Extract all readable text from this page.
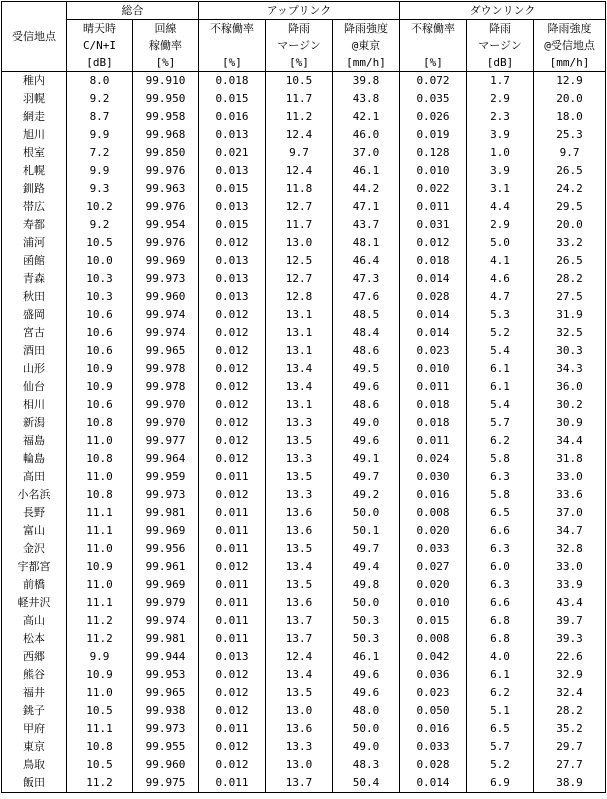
受信地点	総合		アップリンク			ダウンリンク		
	晴天時	回線	不稼働率	降雨	降雨強度	不稼働率	降雨	降雨強度
	C/N+I	稼働率		マージン	@東京		マージン	@受信地点
	[dB]	[%]	[%]	[%]	[mm/h]	[%]	[dB]	[mm/h]
稚内	8.0	99.910	0.018	10.5	39.8	0.072	1.7	12.9
羽幌	9.2	99.950	0.015	11.7	43.8	0.035	2.9	20.0
網走	8.7	99.958	0.016	11.2	42.1	0.026	2.3	18.0
旭川	9.9	99.968	0.013	12.4	46.0	0.019	3.9	25.3
根室	7.2	99.850	0.021	9.7	37.0	0.128	1.0	9.7
札幌	9.9	99.976	0.013	12.4	46.1	0.010	3.9	26.5
釧路	9.3	99.963	0.015	11.8	44.2	0.022	3.1	24.2
帯広	10.2	99.976	0.013	12.7	47.1	0.011	4.4	29.5
寿都	9.2	99.954	0.015	11.7	43.7	0.031	2.9	20.0
浦河	10.5	99.976	0.012	13.0	48.1	0.012	5.0	33.2
函館	10.0	99.969	0.013	12.5	46.4	0.018	4.1	26.5
青森	10.3	99.973	0.013	12.7	47.3	0.014	4.6	28.2
秋田	10.3	99.960	0.013	12.8	47.6	0.028	4.7	27.5
盛岡	10.6	99.974	0.012	13.1	48.5	0.014	5.3	31.9
宮古	10.6	99.974	0.012	13.1	48.4	0.014	5.2	32.5
酒田	10.6	99.965	0.012	13.1	48.6	0.023	5.4	30.3
山形	10.9	99.978	0.012	13.4	49.5	0.010	6.1	34.3
仙台	10.9	99.978	0.012	13.4	49.6	0.011	6.1	36.0
相川	10.6	99.970	0.012	13.1	48.6	0.018	5.4	30.2
新潟	10.8	99.970	0.012	13.3	49.0	0.018	5.7	30.9
福島	11.0	99.977	0.012	13.5	49.6	0.011	6.2	34.4
輪島	10.8	99.964	0.012	13.3	49.1	0.024	5.8	31.8
高田	11.0	99.959	0.011	13.5	49.7	0.030	6.3	33.0
小名浜	10.8	99.973	0.012	13.3	49.2	0.016	5.8	33.6
長野	11.1	99.981	0.011	13.6	50.0	0.008	6.5	37.0
富山	11.1	99.969	0.011	13.6	50.1	0.020	6.6	34.7
金沢	11.0	99.956	0.011	13.5	49.7	0.033	6.3	32.8
宇都宮	10.9	99.961	0.012	13.4	49.4	0.027	6.0	33.0
前橋	11.0	99.969	0.011	13.5	49.8	0.020	6.3	33.9
軽井沢	11.1	99.979	0.011	13.6	50.0	0.010	6.6	43.4
高山	11.2	99.974	0.011	13.7	50.3	0.015	6.8	39.7
松本	11.2	99.981	0.011	13.7	50.3	0.008	6.8	39.3
西郷	9.9	99.944	0.013	12.4	46.1	0.042	4.0	22.6
熊谷	10.9	99.953	0.012	13.4	49.6	0.036	6.1	32.9
福井	11.0	99.965	0.012	13.5	49.6	0.023	6.2	32.4
銚子	10.5	99.938	0.012	13.0	48.0	0.050	5.1	28.2
甲府	11.1	99.973	0.011	13.6	50.0	0.016	6.5	35.2
東京	10.8	99.955	0.012	13.3	49.0	0.033	5.7	29.7
鳥取	10.5	99.960	0.012	13.0	48.3	0.028	5.2	27.7
飯田	11.2	99.975	0.011	13.7	50.4	0.014	6.9	38.9
